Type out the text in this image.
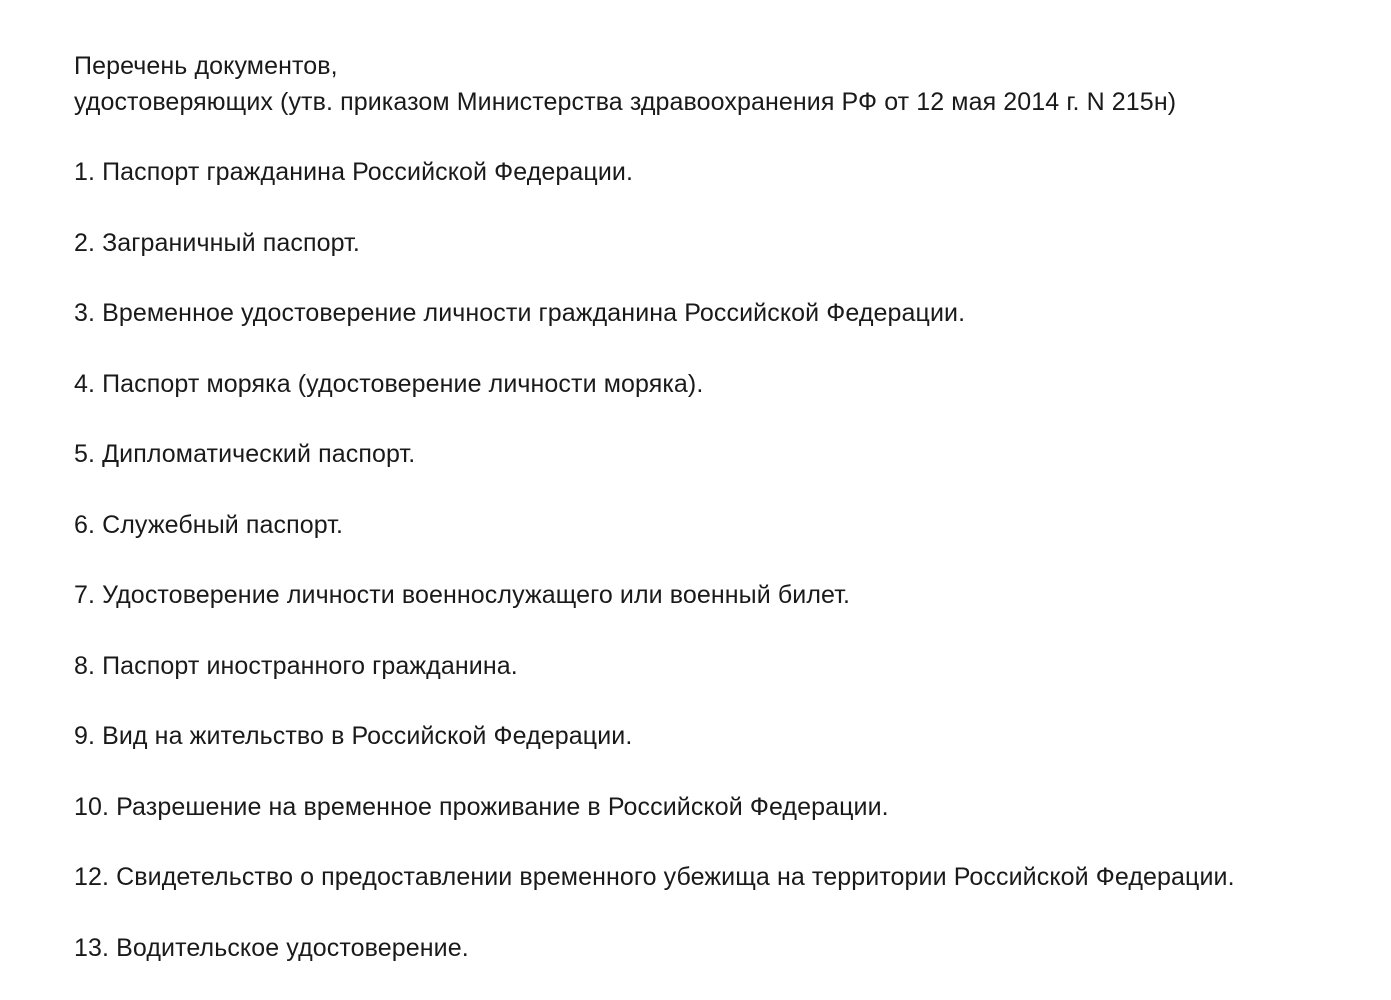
Перечень документов,
удостоверяющих (утв. приказом Министерства здравоохранения РФ от 12 мая 2014 г. N 215н)
1. Паспорт гражданина Российской Федерации.
2. Заграничный паспорт.
3. Временное удостоверение личности гражданина Российской Федерации.
4. Паспорт моряка (удостоверение личности моряка).
5. Дипломатический паспорт.
6. Служебный паспорт.
7. Удостоверение личности военнослужащего или военный билет.
8. Паспорт иностранного гражданина.
9. Вид на жительство в Российской Федерации.
10. Разрешение на временное проживание в Российской Федерации.
12. Свидетельство о предоставлении временного убежища на территории Российской Федерации.
13. Водительское удостоверение.
